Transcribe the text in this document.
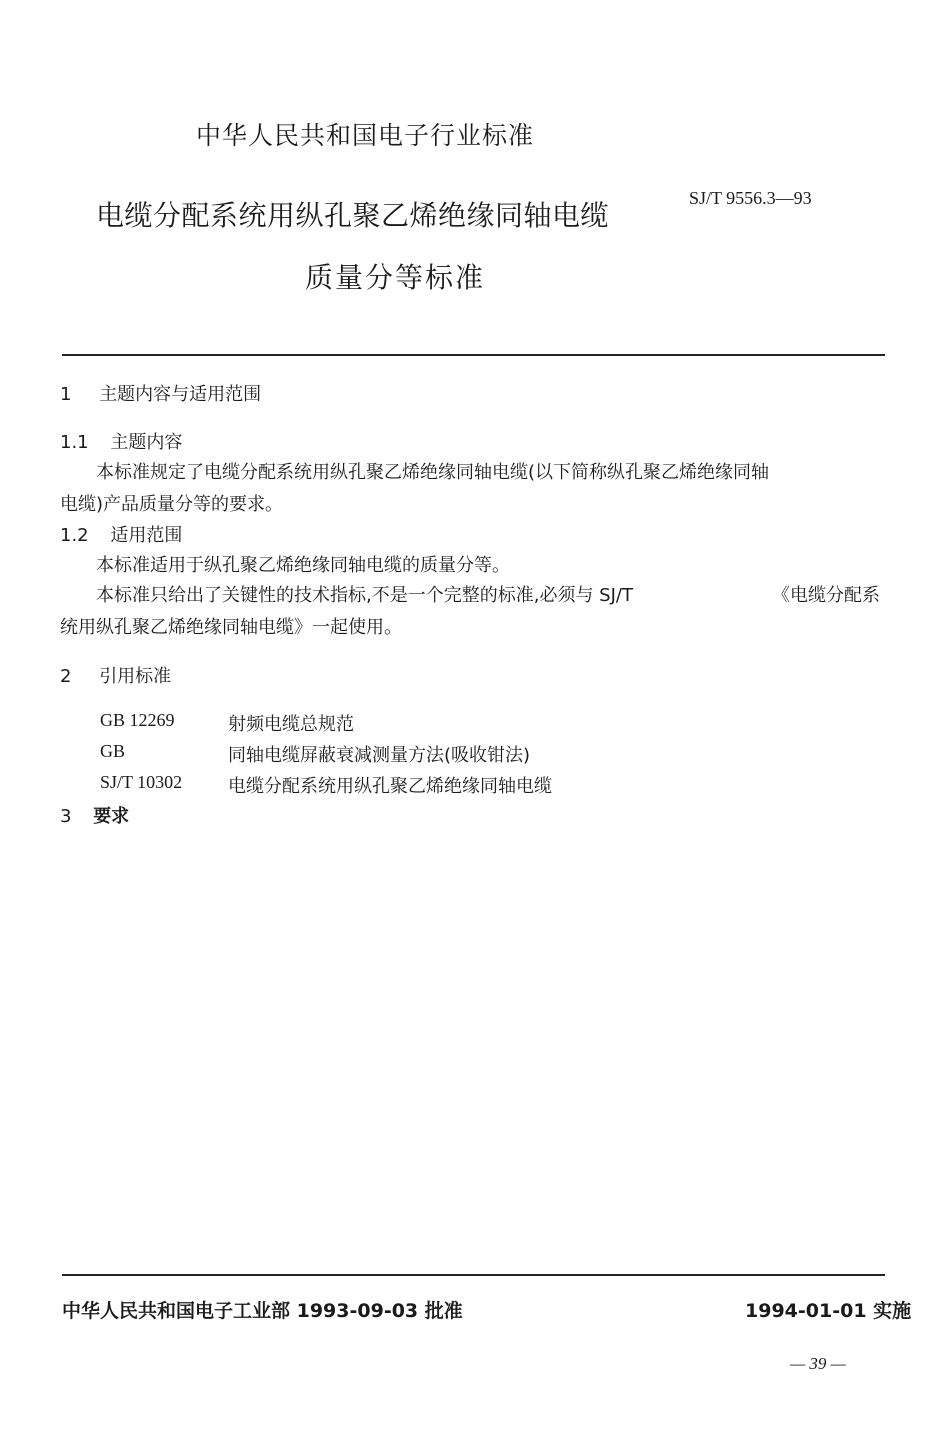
中华人民共和国电子行业标准
电缆分配系统用纵孔聚乙烯绝缘同轴电缆
SJ/T 9556.3—93
质量分等标准
1 主题内容与适用范围
1.1 主题内容
本标准规定了电缆分配系统用纵孔聚乙烯绝缘同轴电缆(以下简称纵孔聚乙烯绝缘同轴
电缆)产品质量分等的要求。
1.2 适用范围
本标准适用于纵孔聚乙烯绝缘同轴电缆的质量分等。
本标准只给出了关键性的技术指标,不是一个完整的标准,必须与 SJ/T	《电缆分配系
统用纵孔聚乙烯绝缘同轴电缆》一起使用。
2 引用标准
GB 12269	射频电缆总规范
GB	同轴电缆屏蔽衰减测量方法(吸收钳法)
SJ/T 10302	电缆分配系统用纵孔聚乙烯绝缘同轴电缆
3 要求
中华人民共和国电子工业部 1993-09-03 批准	1994-01-01 实施
— 39 —
